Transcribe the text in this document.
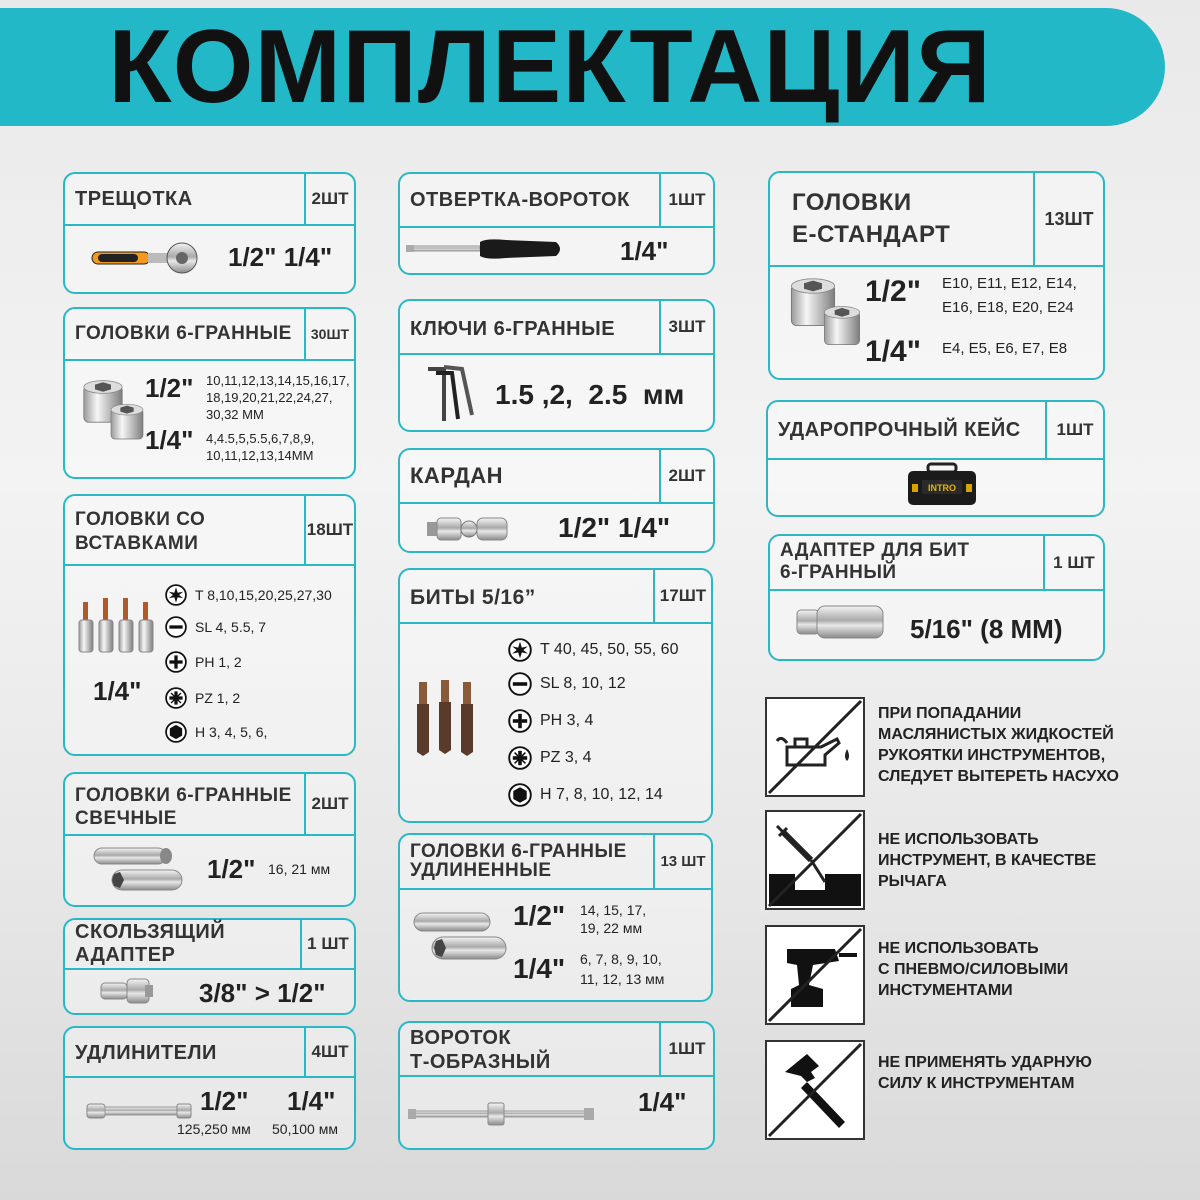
КОМПЛЕКТАЦИЯ
ТРЕЩОТКА	2ШТ
1/2" 1/4"
ГОЛОВКИ 6-ГРАННЫЕ	30ШТ
1/2" 10,11,12,13,14,15,16,17,
18,19,20,21,22,24,27,
30,32 ММ
1/4" 4,4.5,5,5.5,6,7,8,9,
10,11,12,13,14ММ
ГОЛОВКИ СО
ВСТАВКАМИ
18ШТ
1/4"
T 8,10,15,20,25,27,30
SL 4, 5.5, 7
PH 1, 2
PZ 1, 2
H 3, 4, 5, 6,
ГОЛОВКИ 6-ГРАННЫЕ
СВЕЧНЫЕ
2ШТ
1/2" 16, 21 мм
СКОЛЬЗЯЩИЙ
АДАПТЕР
1 ШТ
3/8" > 1/2"
УДЛИНИТЕЛИ	4ШТ
1/2" 1/4"
125,250 мм 50,100 мм
ОТВЕРТКА-ВОРОТОК	1ШТ
1/4"
КЛЮЧИ 6-ГРАННЫЕ	3ШТ
1.5 ,2,  2.5  мм
КАРДАН	2ШТ
1/2" 1/4"
БИТЫ 5/16”	17ШТ
T 40, 45, 50, 55, 60
SL 8, 10, 12
PH 3, 4
PZ 3, 4
H 7, 8, 10, 12, 14
ГОЛОВКИ 6-ГРАННЫЕ
УДЛИНЕННЫЕ	13 ШТ
1/2" 14, 15, 17,
19, 22 мм
1/4" 6, 7, 8, 9, 10,
11, 12, 13 мм
ВОРОТОК
Т-ОБРАЗНЫЙ
1ШТ
1/4"
ГОЛОВКИ
Е-СТАНДАРТ
13ШТ
1/2" E10, E11, E12, E14,
E16, E18, E20, E24
1/4" E4, E5, E6, E7, E8
УДАРОПРОЧНЫЙ КЕЙС	1ШТ
INTRO
АДАПТЕР ДЛЯ БИТ
6-ГРАННЫЙ	1 ШТ
5/16" (8 ММ)
ПРИ ПОПАДАНИИ
МАСЛЯНИСТЫХ ЖИДКОСТЕЙ
РУКОЯТКИ ИНСТРУМЕНТОВ,
СЛЕДУЕТ ВЫТЕРЕТЬ НАСУХО
НЕ ИСПОЛЬЗОВАТЬ
ИНСТРУМЕНТ, В КАЧЕСТВЕ
РЫЧАГА
НЕ ИСПОЛЬЗОВАТЬ
С ПНЕВМО/СИЛОВЫМИ
ИНСТУМЕНТАМИ
НЕ ПРИМЕНЯТЬ УДАРНУЮ
СИЛУ К ИНСТРУМЕНТАМ
